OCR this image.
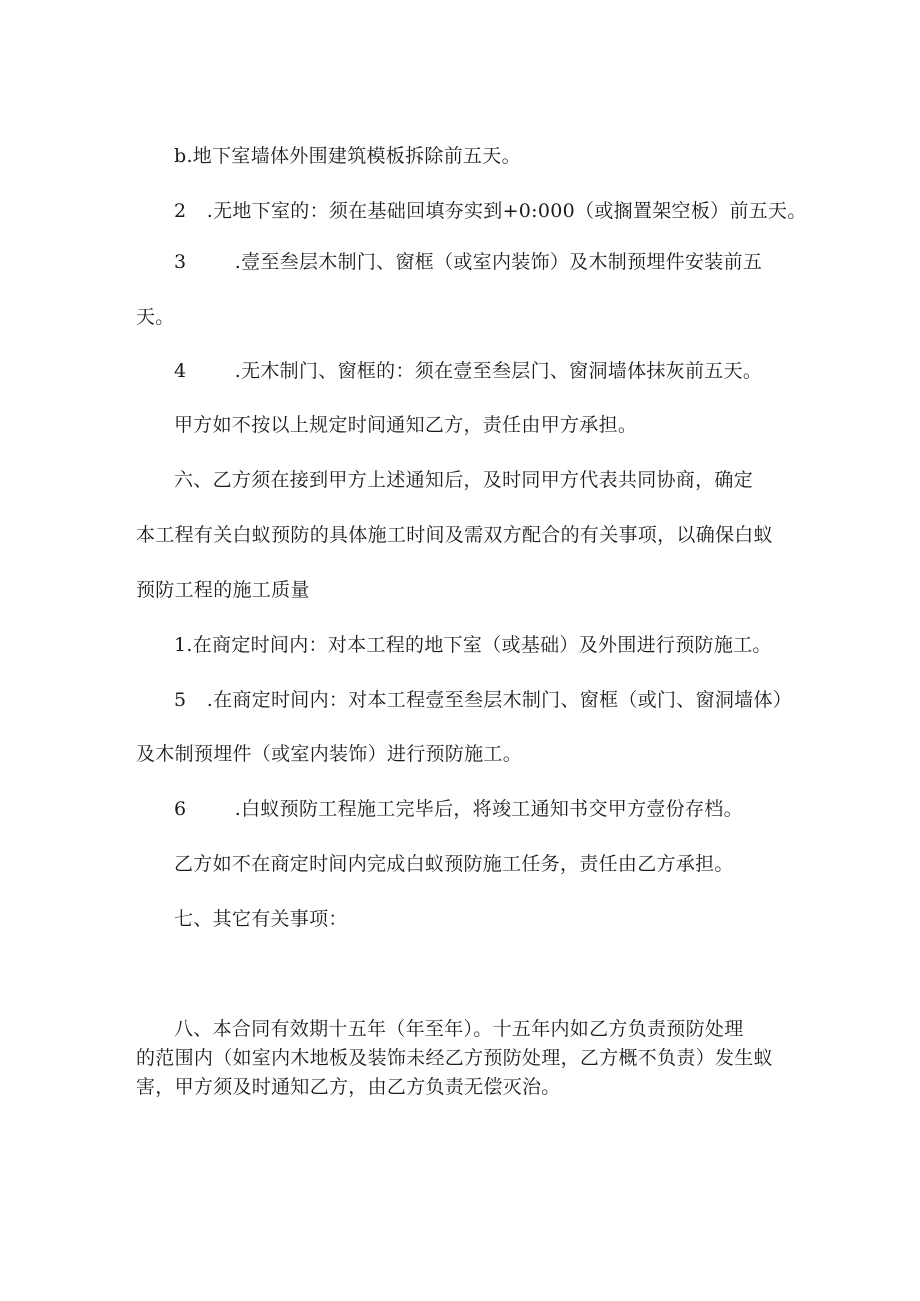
b.地下室墙体外围建筑模板拆除前五天。
2 .无地下室的：须在基础回填夯实到+0:000（或搁置架空板）前五天。
3	.壹至叁层木制门、窗框（或室内装饰）及木制预埋件安装前五
天。
4	.无木制门、窗框的：须在壹至叁层门、窗洞墙体抹灰前五天。
甲方如不按以上规定时间通知乙方，责任由甲方承担。
六、乙方须在接到甲方上述通知后，及时同甲方代表共同协商，确定
本工程有关白蚁预防的具体施工时间及需双方配合的有关事项，以确保白蚁
预防工程的施工质量
1.在商定时间内：对本工程的地下室（或基础）及外围进行预防施工。
5 .在商定时间内：对本工程壹至叁层木制门、窗框（或门、窗洞墙体）
及木制预埋件（或室内装饰）进行预防施工。
6	.白蚁预防工程施工完毕后，将竣工通知书交甲方壹份存档。
乙方如不在商定时间内完成白蚁预防施工任务，责任由乙方承担。
七、其它有关事项：
八、本合同有效期十五年（年至年）。十五年内如乙方负责预防处理
的范围内（如室内木地板及装饰未经乙方预防处理，乙方概不负责）发生蚁
害，甲方须及时通知乙方，由乙方负责无偿灭治。
